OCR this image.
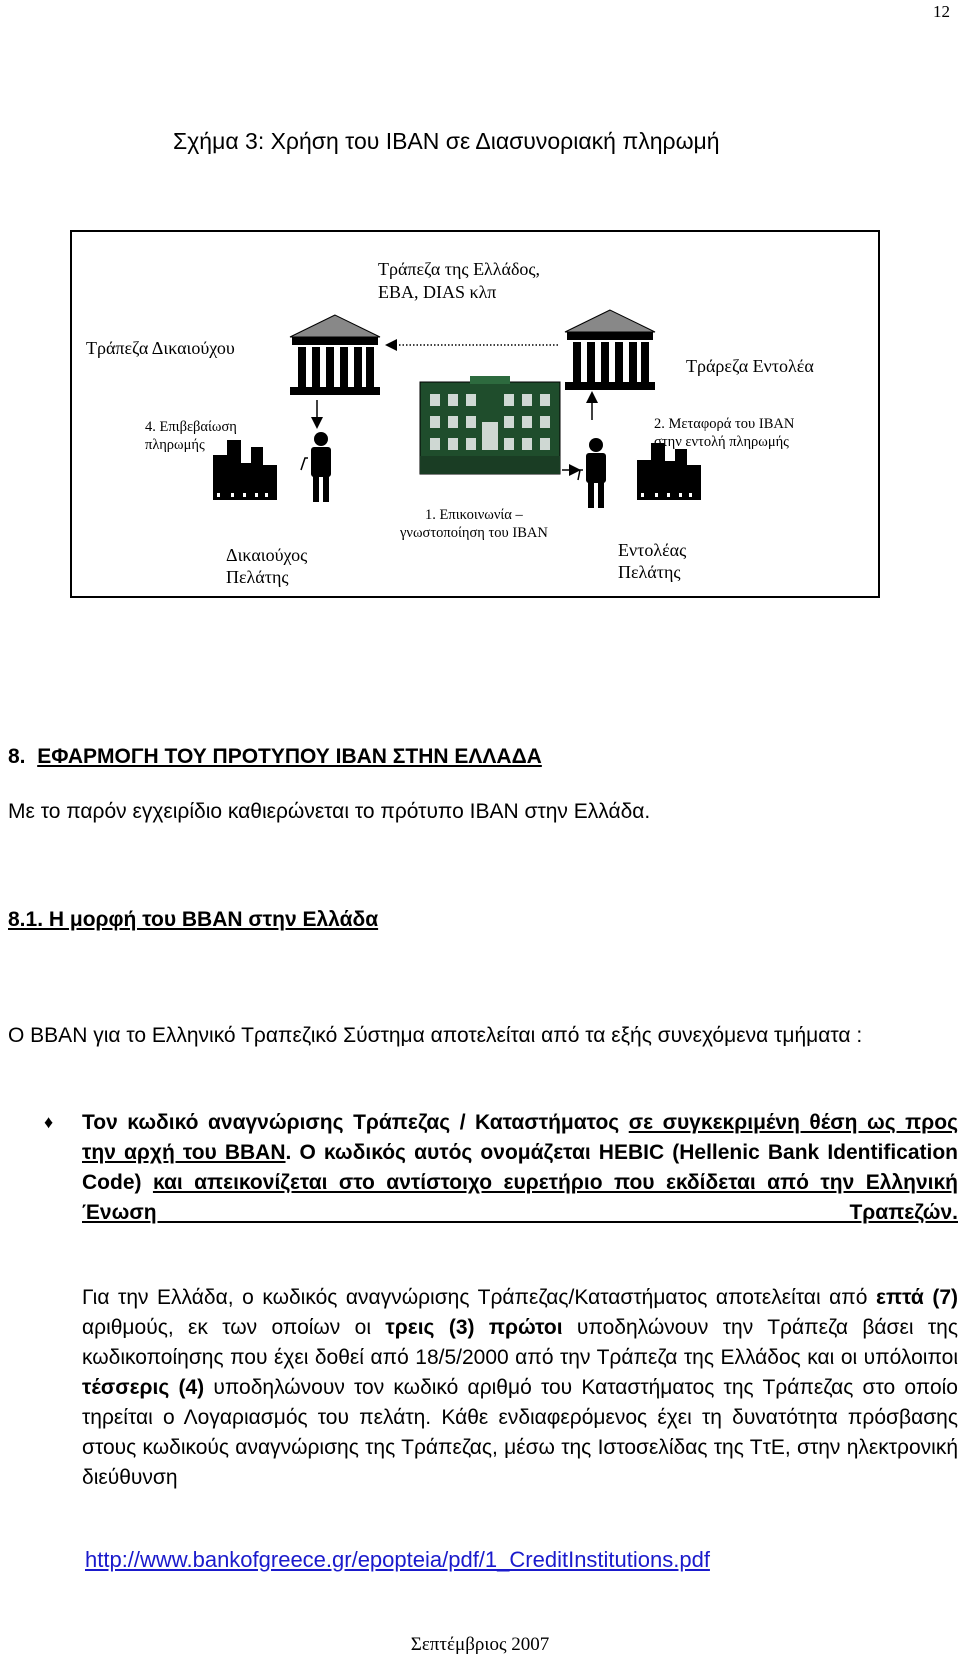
12
Σχήμα 3: Χρήση του IBAN σε Διασυνοριακή πληρωμή
Τράπεζα της Ελλάδος,
ΕΒΑ, DIAS κλπ
Τράπεζα Δικαιούχου
Τράρεζα Εντολέα
4. Επιβεβαίωση
πληρωμής
2. Μεταφορά του IBAN
στην εντολή πληρωμής
1. Επικοινωνία –
γνωστοποίηση του IBAN
Δικαιούχος
Πελάτης
Εντολέας
Πελάτης
8. ΕΦΑΡΜΟΓΗ ΤΟΥ ΠΡΟΤΥΠΟΥ IBAN ΣΤΗΝ ΕΛΛΑΔΑ
Με το παρόν εγχειρίδιο καθιερώνεται το πρότυπο IBAN στην Ελλάδα.
8.1. Η μορφή του BBAN στην Ελλάδα
Ο BBAN για το Ελληνικό Τραπεζικό Σύστημα αποτελείται από τα εξής συνεχόμενα τμήματα :
♦ Τον κωδικό αναγνώρισης Τράπεζας / Καταστήματος σε συγκεκριμένη θέση ως προς την αρχή του BBAN. Ο κωδικός αυτός ονομάζεται HEBIC (Hellenic Bank Identification Code) και απεικονίζεται στο αντίστοιχο ευρετήριο που εκδίδεται από την Ελληνική Ένωση Τραπεζών.
Για την Ελλάδα, ο κωδικός αναγνώρισης Τράπεζας/Καταστήματος αποτελείται από επτά (7) αριθμούς, εκ των οποίων οι τρεις (3) πρώτοι υποδηλώνουν την Τράπεζα βάσει της κωδικοποίησης που έχει δοθεί από 18/5/2000 από την Τράπεζα της Ελλάδος και οι υπόλοιποι τέσσερις (4) υποδηλώνουν τον κωδικό αριθμό του Καταστήματος της Τράπεζας στο οποίο τηρείται ο Λογαριασμός του πελάτη. Κάθε ενδιαφερόμενος έχει τη δυνατότητα πρόσβασης στους κωδικούς αναγνώρισης της Τράπεζας, μέσω της Ιστοσελίδας της ΤτΕ, στην ηλεκτρονική διεύθυνση
http://www.bankofgreece.gr/epopteia/pdf/1_CreditInstitutions.pdf
Σεπτέμβριος 2007
